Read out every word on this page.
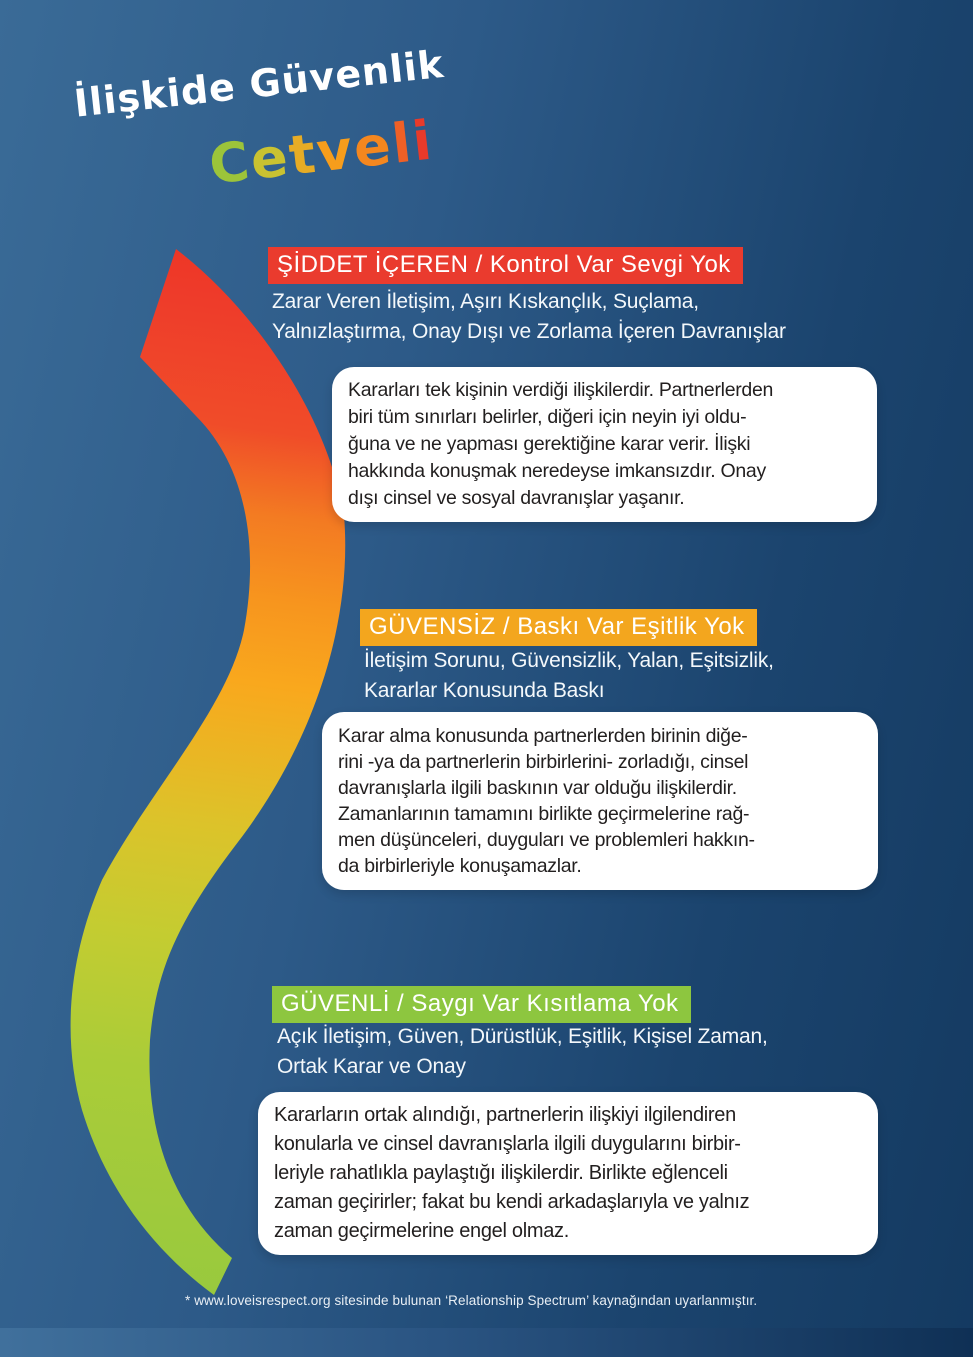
İlişkide Güvenlik
Cetveli
ŞİDDET İÇEREN / Kontrol Var Sevgi Yok
Zarar Veren İletişim, Aşırı Kıskançlık, Suçlama,
Yalnızlaştırma, Onay Dışı ve Zorlama İçeren Davranışlar
Kararları tek kişinin verdiği ilişkilerdir. Partnerlerden
biri tüm sınırları belirler, diğeri için neyin iyi oldu-
ğuna ve ne yapması gerektiğine karar verir. İlişki
hakkında konuşmak neredeyse imkansızdır. Onay
dışı cinsel ve sosyal davranışlar yaşanır.
GÜVENSİZ / Baskı Var Eşitlik Yok
İletişim Sorunu, Güvensizlik, Yalan, Eşitsizlik,
Kararlar Konusunda Baskı
Karar alma konusunda partnerlerden birinin diğe-
rini -ya da partnerlerin birbirlerini- zorladığı, cinsel
davranışlarla ilgili baskının var olduğu ilişkilerdir.
Zamanlarının tamamını birlikte geçirmelerine rağ-
men düşünceleri, duyguları ve problemleri hakkın-
da birbirleriyle konuşamazlar.
GÜVENLİ / Saygı Var Kısıtlama Yok
Açık İletişim, Güven, Dürüstlük, Eşitlik, Kişisel Zaman,
Ortak Karar ve Onay
Kararların ortak alındığı, partnerlerin ilişkiyi ilgilendiren
konularla ve cinsel davranışlarla ilgili duygularını birbir-
leriyle rahatlıkla paylaştığı ilişkilerdir. Birlikte eğlenceli
zaman geçirirler; fakat bu kendi arkadaşlarıyla ve yalnız
zaman geçirmelerine engel olmaz.
* www.loveisrespect.org sitesinde bulunan ‘Relationship Spectrum’ kaynağından uyarlanmıştır.
